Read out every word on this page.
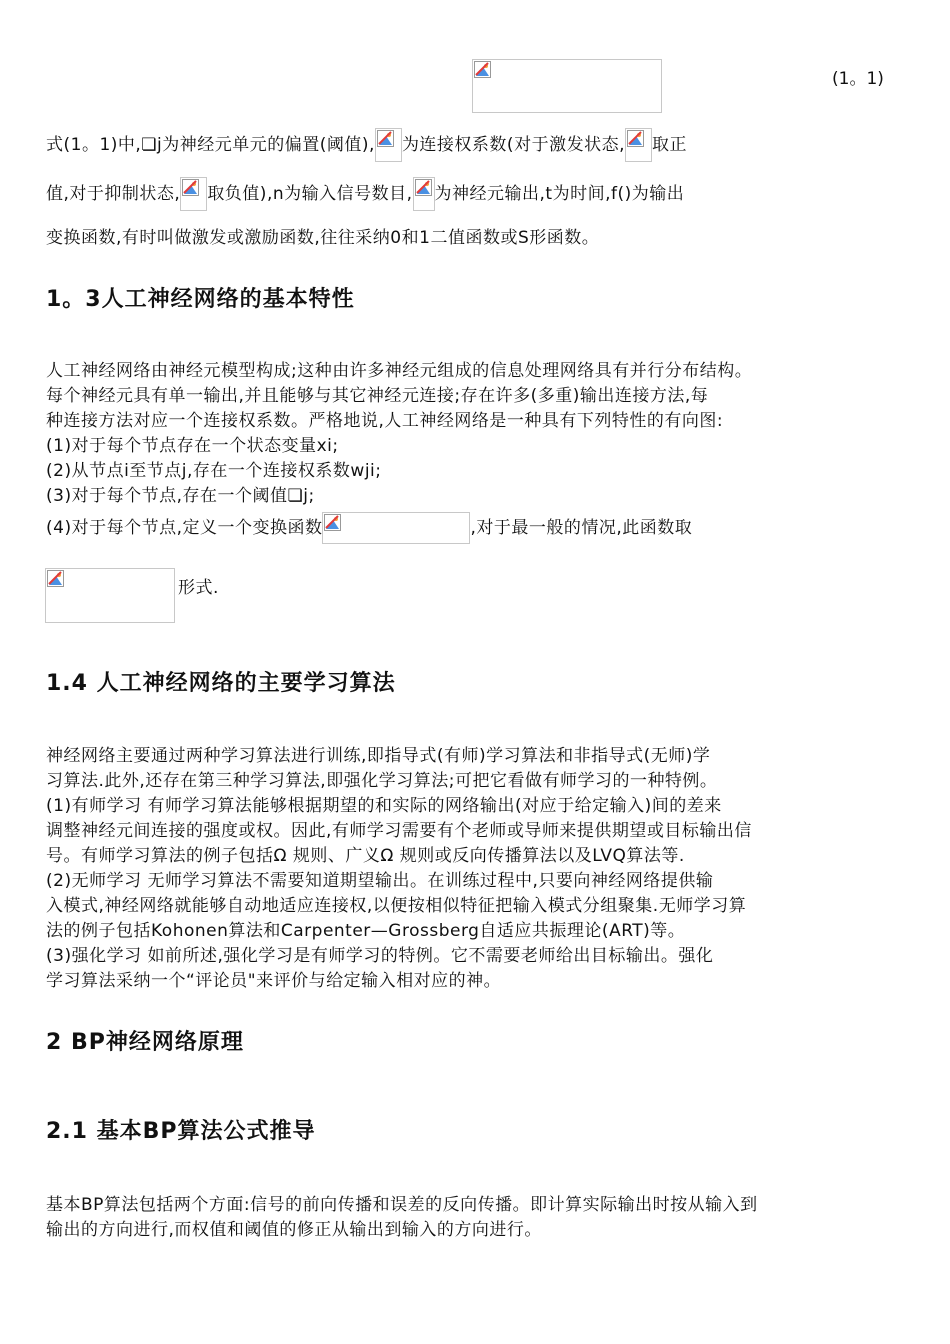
(1。1)
式(1。1)中,❏j为神经元单元的偏置(阈值), 为连接权系数(对于激发状态, 取正
值,对于抑制状态, 取负值),n为输入信号数目, 为神经元输出,t为时间,f()为输出
变换函数,有时叫做激发或激励函数,往往采纳0和1二值函数或S形函数。
1。3人工神经网络的基本特性
人工神经网络由神经元模型构成;这种由许多神经元组成的信息处理网络具有并行分布结构。
每个神经元具有单一输出,并且能够与其它神经元连接;存在许多(多重)输出连接方法,每
种连接方法对应一个连接权系数。严格地说,人工神经网络是一种具有下列特性的有向图:
(1)对于每个节点存在一个状态变量xi;
(2)从节点i至节点j,存在一个连接权系数wji;
(3)对于每个节点,存在一个阈值❏j;
(4)对于每个节点,定义一个变换函数	,对于最一般的情况,此函数取
形式.
1.4 人工神经网络的主要学习算法
神经网络主要通过两种学习算法进行训练,即指导式(有师)学习算法和非指导式(无师)学
习算法.此外,还存在第三种学习算法,即强化学习算法;可把它看做有师学习的一种特例。
(1)有师学习 有师学习算法能够根据期望的和实际的网络输出(对应于给定输入)间的差来
调整神经元间连接的强度或权。因此,有师学习需要有个老师或导师来提供期望或目标输出信
号。有师学习算法的例子包括Ω 规则、广义Ω 规则或反向传播算法以及LVQ算法等.
(2)无师学习 无师学习算法不需要知道期望输出。在训练过程中,只要向神经网络提供输
入模式,神经网络就能够自动地适应连接权,以便按相似特征把输入模式分组聚集.无师学习算
法的例子包括Kohonen算法和Carpenter—Grossberg自适应共振理论(ART)等。
(3)强化学习 如前所述,强化学习是有师学习的特例。它不需要老师给出目标输出。强化
学习算法采纳一个“评论员"来评价与给定输入相对应的神。
2 BP神经网络原理
2.1 基本BP算法公式推导
基本BP算法包括两个方面:信号的前向传播和误差的反向传播。即计算实际输出时按从输入到
输出的方向进行,而权值和阈值的修正从输出到输入的方向进行。
